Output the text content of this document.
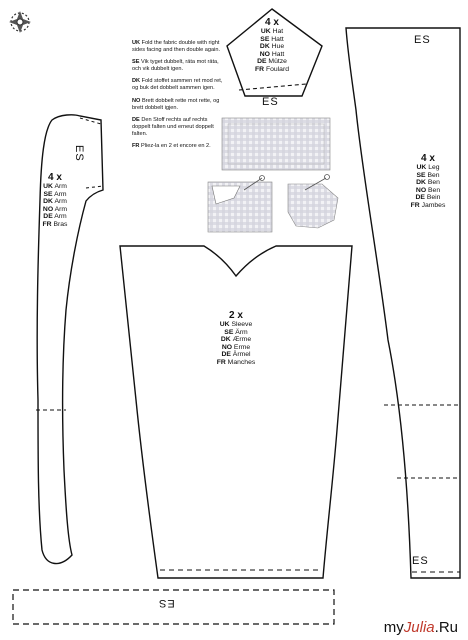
UK Fold the fabric double with right sides facing and then double again.

SE Vik tyget dubbelt, räta mot räta, och vik dubbelt igen.

DK Fold stoffet sammen ret mod ret, og buk det dobbelt sammen igen.

NO Brett dobbelt rette mot rette, og brett dobbelt igjen.

DE Den Stoff rechts auf rechts doppelt falten und erneut doppelt falten.

FR Pliez-la en 2 et encore en 2.

4 x
UK Hat
SE Hatt
DK Hue
NO Hatt
DE Mütze
FR Foulard
ES
4 x
UK Arm
SE Arm
DK Arm
NO Arm
DE Arm
FR Bras
ES	4 x
UK Leg
SE Ben
DK Ben
NO Ben
DE Bein
FR Jambes
ES
ES
2 x
UK Sleeve
SE Ärm
DK Ærme
NO Erme
DE Ärmel
FR Manches
ES
myJulia.Ru
